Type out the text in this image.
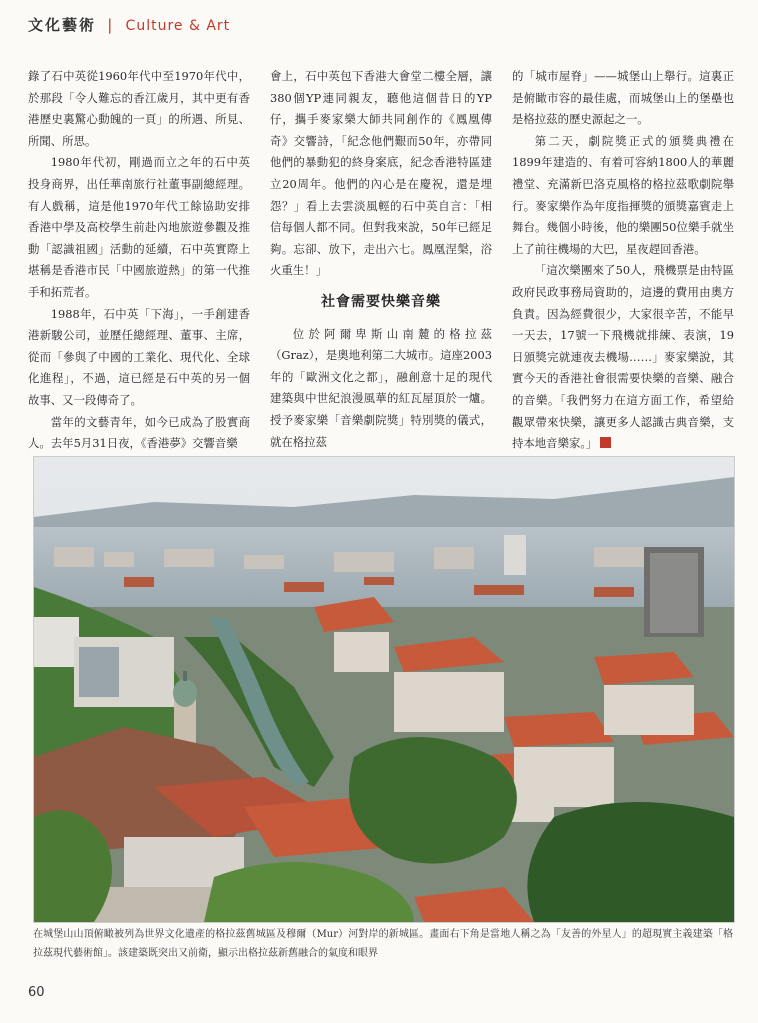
文化藝術 | Culture & Art

錄了石中英從1960年代中至1970年代中，於那段「令人難忘的香江歲月，其中更有香港歷史裏驚心動魄的一頁」的所遇、所見、所聞、所思。

1980年代初，剛過而立之年的石中英投身商界，出任華南旅行社董事副總經理。有人戲稱，這是他1970年代工餘協助安排香港中學及高校學生前赴內地旅遊參觀及推動「認識祖國」活動的延續，石中英實際上堪稱是香港市民「中國旅遊熱」的第一代推手和拓荒者。

1988年，石中英「下海」，一手創建香港新駿公司，並歷任總經理、董事、主席，從而「參與了中國的工業化、現代化、全球化進程」，不過，這已經是石中英的另一個故事、又一段傳奇了。

當年的文藝青年，如今已成為了股實商人。去年5月31日夜，《香港夢》交響音樂

會上，石中英包下香港大會堂二樓全層，讓380個YP連同親友，聽他這個昔日的YP仔，攜手麥家樂大師共同創作的《鳳凰傳奇》交響詩，「紀念他們艱而50年，亦帶同他們的暴動犯的終身案底，紀念香港特區建立20周年。他們的內心是在慶祝，還是埋怨？」看上去雲淡風輕的石中英自言：「相信每個人都不同。但對我來說，50年已經足夠。忘卻、放下，走出六七。鳳凰涅槃，浴火重生！」

社會需要快樂音樂

位於阿爾卑斯山南麓的格拉茲（Graz），是奧地利第二大城市。這座2003年的「歐洲文化之都」，融創意十足的現代建築與中世紀浪漫風華的紅瓦屋頂於一爐。授予麥家樂「音樂劇院獎」特別獎的儀式，就在格拉茲

的「城市屋脊」——城堡山上舉行。這裏正是俯瞰市容的最佳處，而城堡山上的堡壘也是格拉茲的歷史源起之一。

第二天，劇院獎正式的頒獎典禮在1899年建造的、有着可容納1800人的華麗禮堂、充滿新巴洛克風格的格拉茲歌劇院舉行。麥家樂作為年度指揮獎的頒獎嘉賓走上舞台。幾個小時後，他的樂團50位樂手就坐上了前往機場的大巴，星夜趕回香港。

「這次樂團來了50人，飛機票是由特區政府民政事務局資助的，這邊的費用由奧方負責。因為經費很少，大家很辛苦，不能早一天去，17號一下飛機就排練、表演，19日頒獎完就連夜去機場……」麥家樂說，其實今天的香港社會很需要快樂的音樂、融合的音樂。「我們努力在這方面工作，希望給觀眾帶來快樂，讓更多人認識古典音樂，支持本地音樂家。」

在城堡山山頂俯瞰被列為世界文化遺產的格拉茲舊城區及穆爾（Mur）河對岸的新城區。畫面右下角是當地人稱之為「友善的外星人」的超現實主義建築「格拉茲現代藝術館」。該建築既突出又前衛，顯示出格拉茲新舊融合的氣度和眼界
60
